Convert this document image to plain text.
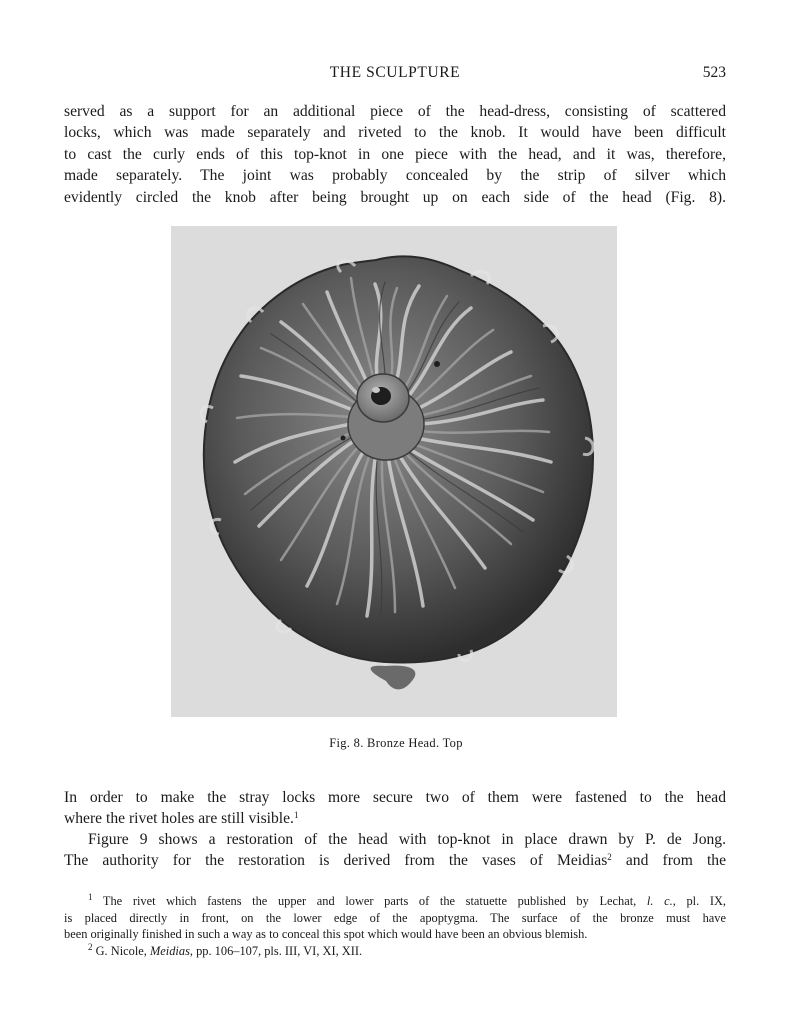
THE SCULPTURE	523

served as a support for an additional piece of the head-dress, consisting of scattered
locks, which was made separately and riveted to the knob. It would have been difficult
to cast the curly ends of this top-knot in one piece with the head, and it was, therefore,
made separately. The joint was probably concealed by the strip of silver which
evidently circled the knob after being brought up on each side of the head (Fig. 8).

Fig. 8. Bronze Head. Top

In order to make the stray locks more secure two of them were fastened to the head
where the rivet holes are still visible.$^1$

Figure 9 shows a restoration of the head with top-knot in place drawn by P. de Jong.
The authority for the restoration is derived from the vases of Meidias$^2$ and from the

$^1$ The rivet which fastens the upper and lower parts of the statuette published by Lechat, l. c., pl. IX,
is placed directly in front, on the lower edge of the apoptygma. The surface of the bronze must have
been originally finished in such a way as to conceal this spot which would have been an obvious blemish.

$^2$ G. Nicole, Meidias, pp. 106–107, pls. III, VI, XI, XII.
